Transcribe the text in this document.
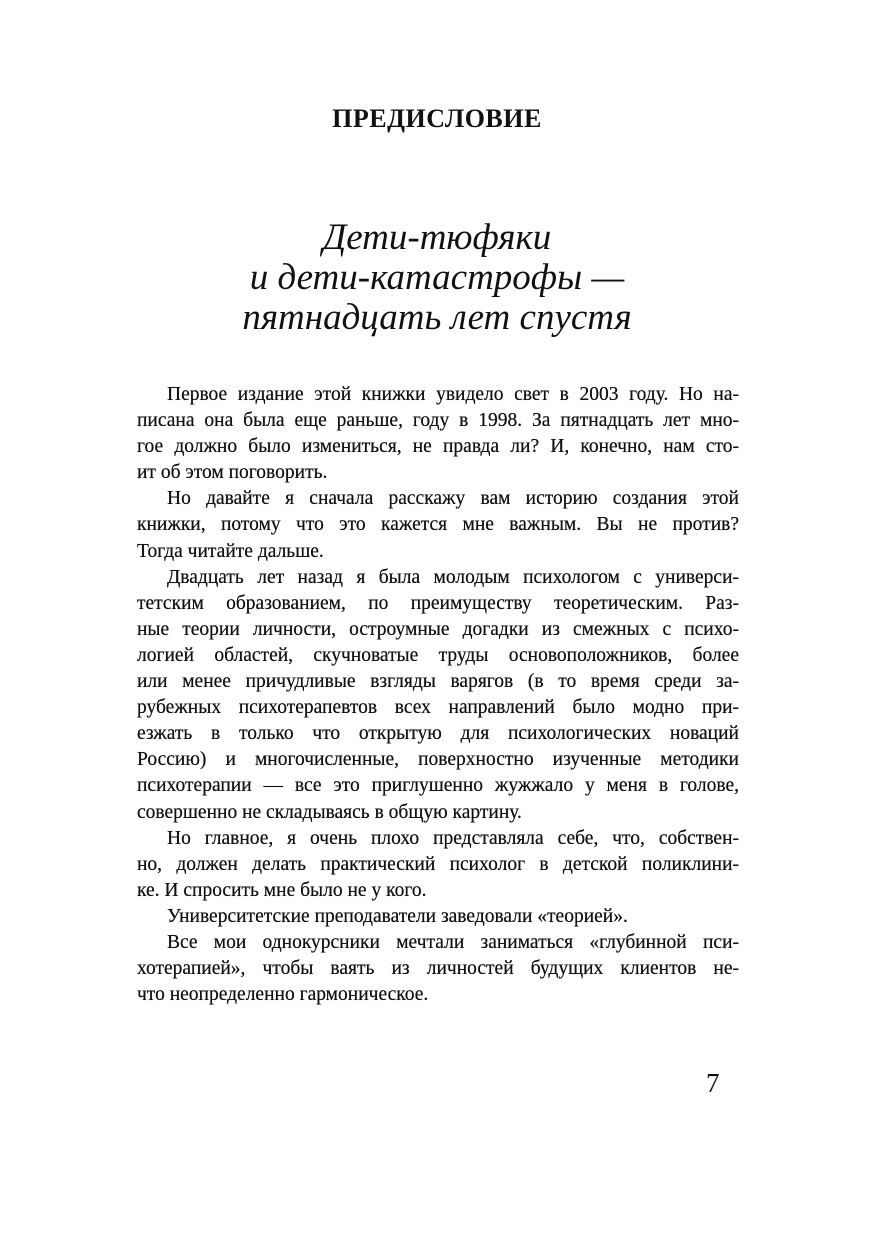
ПРЕДИСЛОВИЕ
Дети-тюфяки
и дети-катастрофы —
пятнадцать лет спустя
Первое издание этой книжки увидело свет в 2003 году. Но на-
писана она была еще раньше, году в 1998. За пятнадцать лет мно-
гое должно было измениться, не правда ли? И, конечно, нам сто-
ит об этом поговорить.
Но давайте я сначала расскажу вам историю создания этой
книжки, потому что это кажется мне важным. Вы не против?
Тогда читайте дальше.
Двадцать лет назад я была молодым психологом с универси-
тетским образованием, по преимуществу теоретическим. Раз-
ные теории личности, остроумные догадки из смежных с психо-
логией областей, скучноватые труды основоположников, более
или менее причудливые взгляды варягов (в то время среди за-
рубежных психотерапевтов всех направлений было модно при-
езжать в только что открытую для психологических новаций
Россию) и многочисленные, поверхностно изученные методики
психотерапии — все это приглушенно жужжало у меня в голове,
совершенно не складываясь в общую картину.
Но главное, я очень плохо представляла себе, что, собствен-
но, должен делать практический психолог в детской поликлини-
ке. И спросить мне было не у кого.
Университетские преподаватели заведовали «теорией».
Все мои однокурсники мечтали заниматься «глубинной пси-
хотерапией», чтобы ваять из личностей будущих клиентов не-
что неопределенно гармоническое.
7
